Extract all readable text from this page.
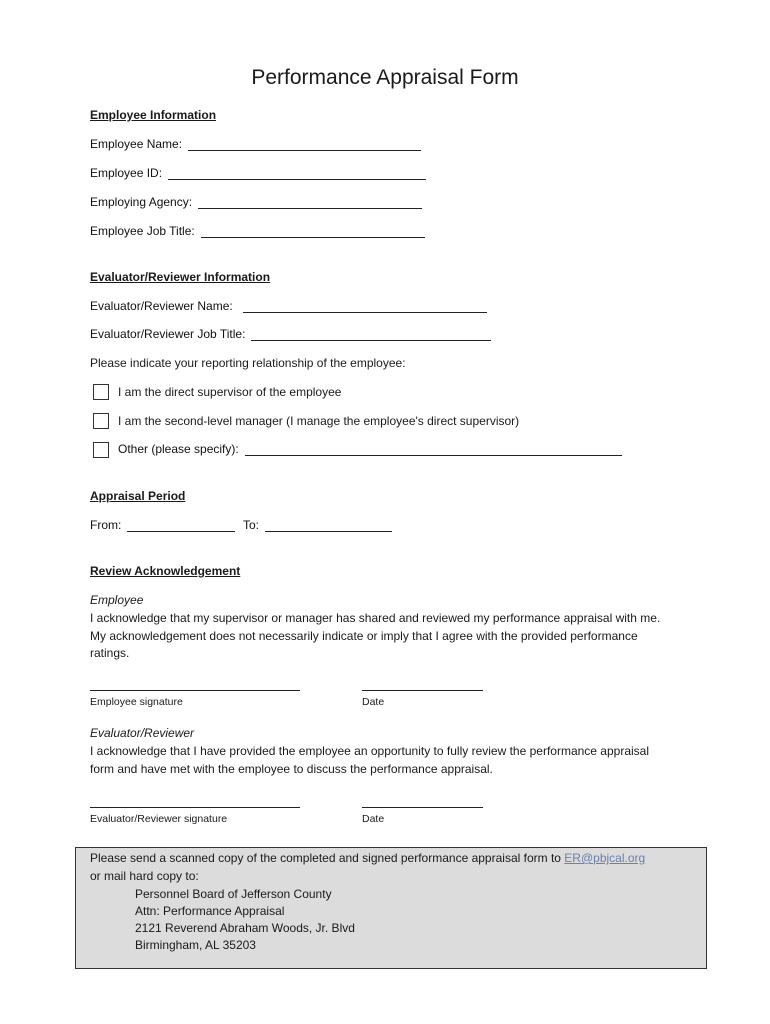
Performance Appraisal Form
Employee Information
Employee Name:
Employee ID:
Employing Agency:
Employee Job Title:
Evaluator/Reviewer Information
Evaluator/Reviewer Name:
Evaluator/Reviewer Job Title:
Please indicate your reporting relationship of the employee:
I am the direct supervisor of the employee
I am the second-level manager (I manage the employee's direct supervisor)
Other (please specify):
Appraisal Period
From:	To:
Review Acknowledgement
Employee
I acknowledge that my supervisor or manager has shared and reviewed my performance appraisal with me. My acknowledgement does not necessarily indicate or imply that I agree with the provided performance ratings.
Employee signature	Date
Evaluator/Reviewer
I acknowledge that I have provided the employee an opportunity to fully review the performance appraisal form and have met with the employee to discuss the performance appraisal.
Evaluator/Reviewer signature	Date
Please send a scanned copy of the completed and signed performance appraisal form to ER@pbjcal.org
or mail hard copy to:
Personnel Board of Jefferson County
Attn: Performance Appraisal
2121 Reverend Abraham Woods, Jr. Blvd
Birmingham, AL 35203
